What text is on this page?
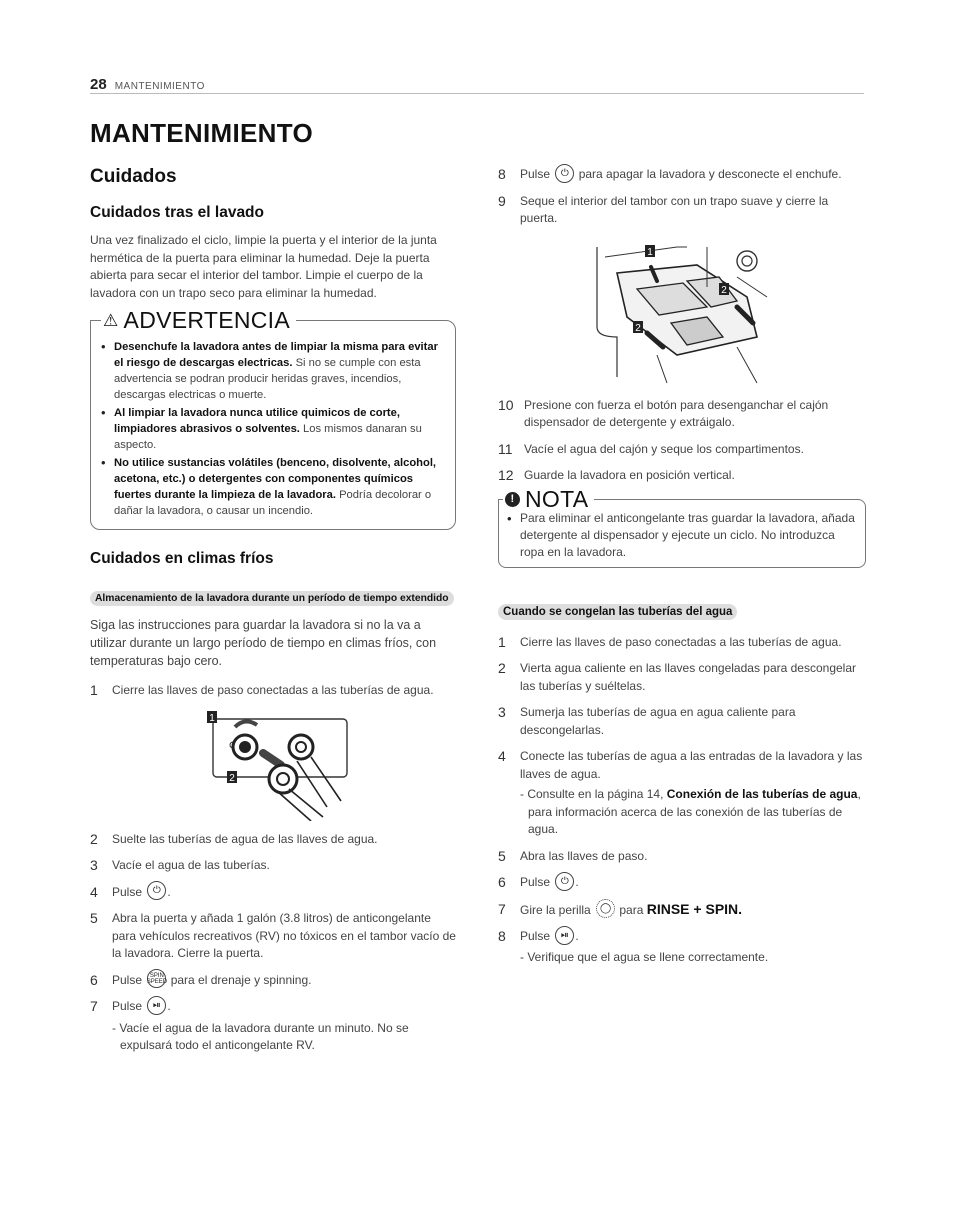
28 MANTENIMIENTO
MANTENIMIENTO
Cuidados
Cuidados tras el lavado

Una vez finalizado el ciclo, limpie la puerta y el interior de la junta hermética de la puerta para eliminar la humedad. Deje la puerta abierta para secar el interior del tambor. Limpie el cuerpo de la lavadora con un trapo seco para eliminar la humedad.

⚠ ADVERTENCIA
• Desenchufe la lavadora antes de limpiar la misma para evitar el riesgo de descargas electricas. Si no se cumple con esta advertencia se podran producir heridas graves, incendios, descargas electricas o muerte.
• Al limpiar la lavadora nunca utilice quimicos de corte, limpiadores abrasivos o solventes. Los mismos danaran su aspecto.
• No utilice sustancias volátiles (benceno, disolvente, alcohol, acetona, etc.) o detergentes con componentes químicos fuertes durante la limpieza de la lavadora. Podría decolorar o dañar la lavadora, o causar un incendio.
Cuidados en climas fríos
Almacenamiento de la lavadora durante un período de tiempo extendido

Siga las instrucciones para guardar la lavadora si no la va a utilizar durante un largo período de tiempo en climas fríos, con temperaturas bajo cero.

1	Cierre las llaves de paso conectadas a las tuberías de agua.
1
2
2	Suelte las tuberías de agua de las llaves de agua.
3	Vacíe el agua de las tuberías.
4	Pulse ⏻ .
5	Abra la puerta y añada 1 galón (3.8 litros) de anticongelante para vehículos recreativos (RV) no tóxicos en el tambor vacío de la lavadora. Cierre la puerta.
6	Pulse	SPIN
SPEED para el drenaje y spinning.
7	Pulse ⏯ .
- Vacíe el agua de la lavadora durante un minuto. No se expulsará todo el anticongelante RV.
8	Pulse ⏻ para apagar la lavadora y desconecte el enchufe.
9	Seque el interior del tambor con un trapo suave y cierre la puerta.
1
2
2
10 Presione con fuerza el botón para desenganchar el cajón dispensador de detergente y extráigalo.
11 Vacíe el agua del cajón y seque los compartimentos.
12 Guarde la lavadora en posición vertical.
! NOTA
• Para eliminar el anticongelante tras guardar la lavadora, añada detergente al dispensador y ejecute un ciclo. No introduzca ropa en la lavadora.
Cuando se congelan las tuberías del agua
1	Cierre las llaves de paso conectadas a las tuberías de agua.
2	Vierta agua caliente en las llaves congeladas para descongelar las tuberías y suéltelas.
3	Sumerja las tuberías de agua en agua caliente para descongelarlas.
4	Conecte las tuberías de agua a las entradas de la lavadora y las llaves de agua.
- Consulte en la página 14, Conexión de las tuberías de agua, para información acerca de las conexión de las tuberías de agua.
5	Abra las llaves de paso.
6	Pulse ⏻ .
7	Gire la perilla ◯ para RINSE + SPIN.
8	Pulse ⏯ .
- Verifique que el agua se llene correctamente.
